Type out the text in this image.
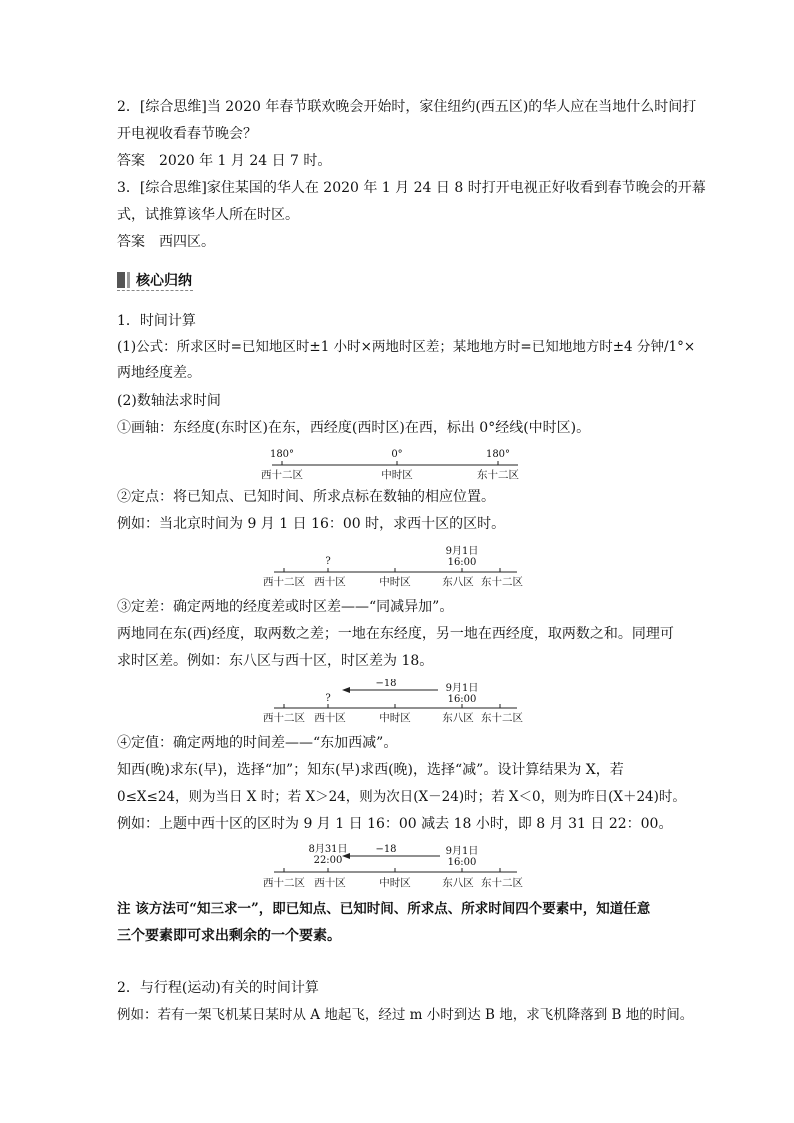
2．[综合思维]当 2020 年春节联欢晚会开始时，家住纽约(西五区)的华人应在当地什么时间打
开电视收看春节晚会？
答案　2020 年 1 月 24 日 7 时。
3．[综合思维]家住某国的华人在 2020 年 1 月 24 日 8 时打开电视正好收看到春节晚会的开幕
式，试推算该华人所在时区。
答案　西四区。
核心归纳
1．时间计算
(1)公式：所求区时=已知地区时±1 小时×两地时区差；某地地方时=已知地地方时±4 分钟/1°×
两地经度差。
(2)数轴法求时间
①画轴：东经度(东时区)在东，西经度(西时区)在西，标出 0°经线(中时区)。
180°	0°	180°
西十二区	中时区	东十二区
②定点：将已知点、已知时间、所求点标在数轴的相应位置。
例如：当北京时间为 9 月 1 日 16：00 时，求西十区的区时。
?
9月1日
16:00
西十二区 西十区	中时区	东八区 东十二区
③定差：确定两地的经度差或时区差——“同减异加”。
两地同在东(西)经度，取两数之差；一地在东经度，另一地在西经度，取两数之和。同理可
求时区差。例如：东八区与西十区，时区差为 18。
?
−18	9月1日
16:00
西十二区 西十区	中时区	东八区 东十二区
④定值：确定两地的时间差——“东加西减”。
知西(晚)求东(早)，选择“加”；知东(早)求西(晚)，选择“减”。设计算结果为 X，若
0≤X≤24，则为当日 X 时；若 X＞24，则为次日(X－24)时；若 X＜0，则为昨日(X＋24)时。
例如：上题中西十区的区时为 9 月 1 日 16：00 减去 18 小时，即 8 月 31 日 22：00。
8月31日
22:00
−18	9月1日
16:00
西十二区 西十区	中时区	东八区 东十二区
注 该方法可“知三求一”，即已知点、已知时间、所求点、所求时间四个要素中，知道任意
三个要素即可求出剩余的一个要素。
2．与行程(运动)有关的时间计算
例如：若有一架飞机某日某时从 A 地起飞，经过 m 小时到达 B 地，求飞机降落到 B 地的时间。
